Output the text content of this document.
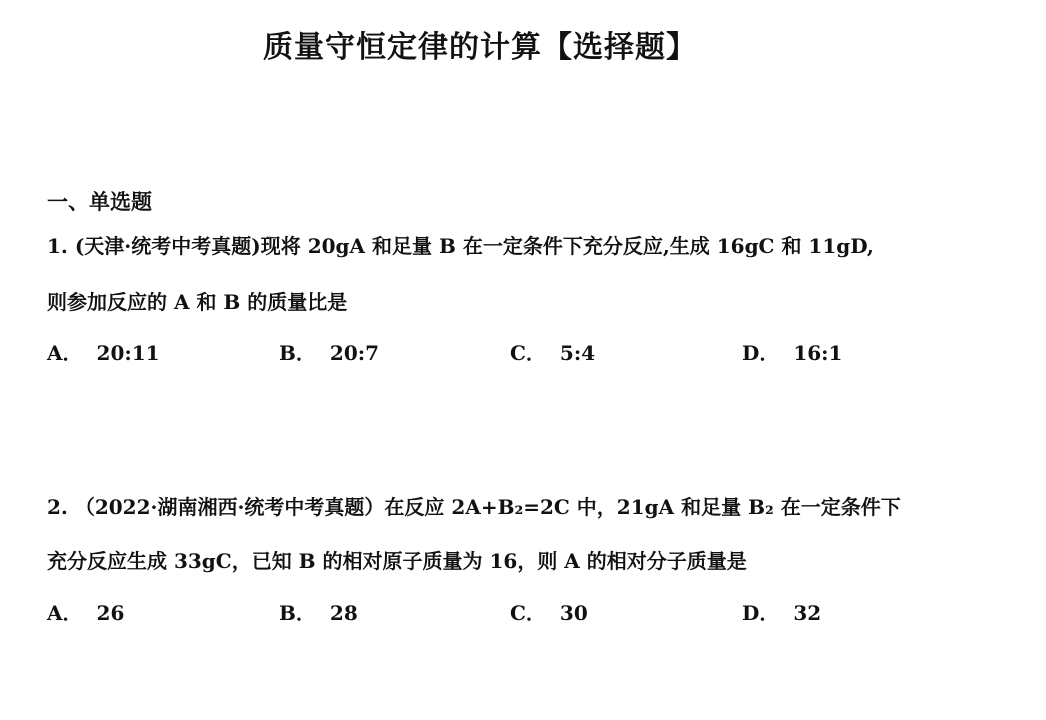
质量守恒定律的计算【选择题】
一、单选题
1. (天津·统考中考真题)现将 20gA 和足量 B 在一定条件下充分反应,生成 16gC 和 11gD,
则参加反应的 A 和 B 的质量比是
A． 20:11	B． 20:7	C． 5:4	D． 16:1
2. （2022·湖南湘西·统考中考真题）在反应 2A+B₂=2C 中，21gA 和足量 B₂ 在一定条件下
充分反应生成 33gC，已知 B 的相对原子质量为 16，则 A 的相对分子质量是
A． 26	B． 28	C． 30	D． 32
